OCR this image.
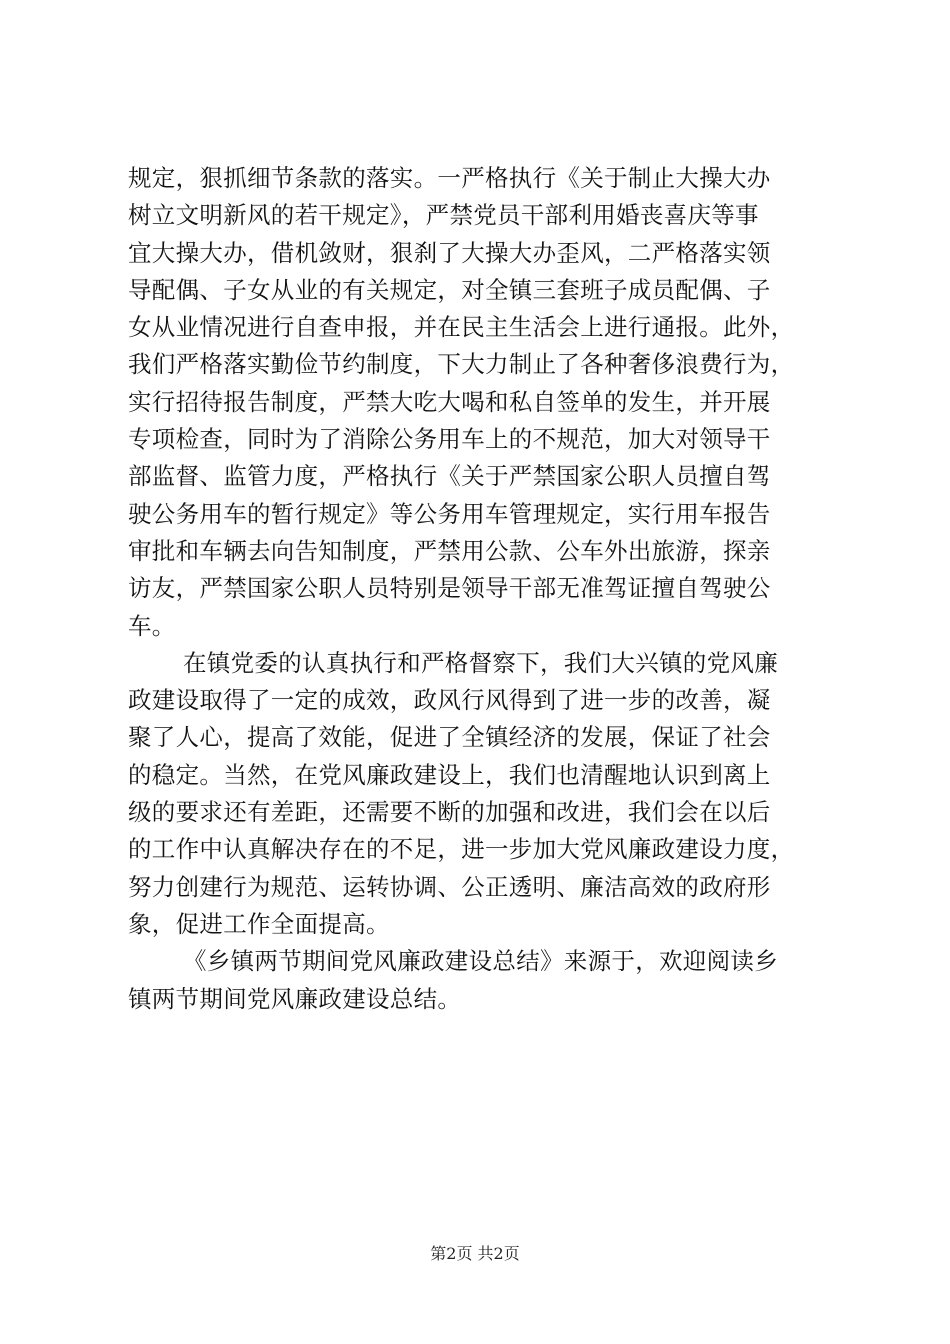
规定，狠抓细节条款的落实。一严格执行《关于制止大操大办
树立文明新风的若干规定》，严禁党员干部利用婚丧喜庆等事
宜大操大办，借机敛财，狠刹了大操大办歪风，二严格落实领
导配偶、子女从业的有关规定，对全镇三套班子成员配偶、子
女从业情况进行自查申报，并在民主生活会上进行通报。此外，
我们严格落实勤俭节约制度，下大力制止了各种奢侈浪费行为，
实行招待报告制度，严禁大吃大喝和私自签单的发生，并开展
专项检查，同时为了消除公务用车上的不规范，加大对领导干
部监督、监管力度，严格执行《关于严禁国家公职人员擅自驾
驶公务用车的暂行规定》等公务用车管理规定，实行用车报告
审批和车辆去向告知制度，严禁用公款、公车外出旅游，探亲
访友，严禁国家公职人员特别是领导干部无准驾证擅自驾驶公
车。
在镇党委的认真执行和严格督察下，我们大兴镇的党风廉
政建设取得了一定的成效，政风行风得到了进一步的改善，凝
聚了人心，提高了效能，促进了全镇经济的发展，保证了社会
的稳定。当然，在党风廉政建设上，我们也清醒地认识到离上
级的要求还有差距，还需要不断的加强和改进，我们会在以后
的工作中认真解决存在的不足，进一步加大党风廉政建设力度，
努力创建行为规范、运转协调、公正透明、廉洁高效的政府形
象，促进工作全面提高。
《乡镇两节期间党风廉政建设总结》来源于，欢迎阅读乡
镇两节期间党风廉政建设总结。
第2页 共2页
